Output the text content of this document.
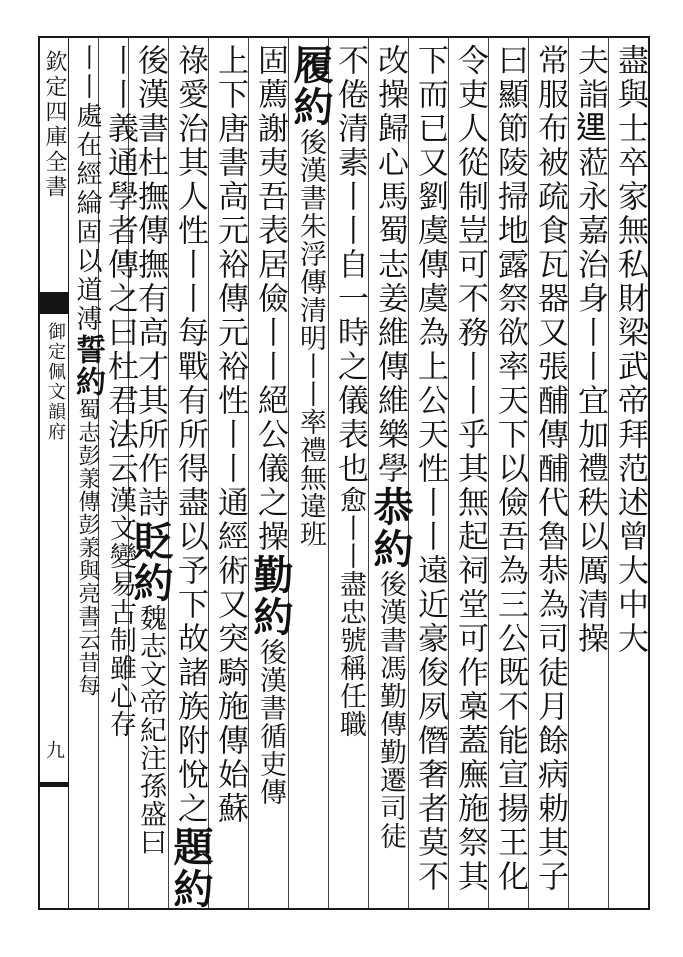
欽定四庫全書
御定佩文韻府
九
盡與士卒家無私財梁武帝拜范述曾大中大
夫詣𨓦蒞永嘉治身丨丨宜加禮秩以厲清操
常服布被疏食瓦器又張酺傳酺代魯恭為司徒月餘病勅其子
曰顯節陵掃地露祭欲率天下以儉吾為三公既不能宣揚王化
令吏人從制豈可不務丨丨乎其無起祠堂可作槀蓋廡施祭其
下而已又劉虞傳虞為上公天性丨丨遠近豪俊夙僭奢者莫不
改操歸心馬蜀志姜維傳維樂學恭約後漢書馮勤傳勤遷司徒
不倦清素丨丨自一時之儀表也愈丨丨盡忠號稱任職
履約後漢書朱浮傳清明丨丨率禮無違班
固薦謝夷吾表居儉丨丨絕公儀之操勤約後漢書循吏傳
上下唐書高元裕傳元裕性丨丨通經術又突騎施傳始蘇
祿愛治其人性丨丨每戰有所得盡以予下故諸族附悅之題約
後漢書杜撫傳撫有高才其所作詩貶約魏志文帝紀注孫盛曰
丨丨義通學者傳之曰杜君法云漢文變易古制雖心存
丨丨處在經綸固以道溥誓約蜀志彭羕傳彭羕與亮書云昔每
